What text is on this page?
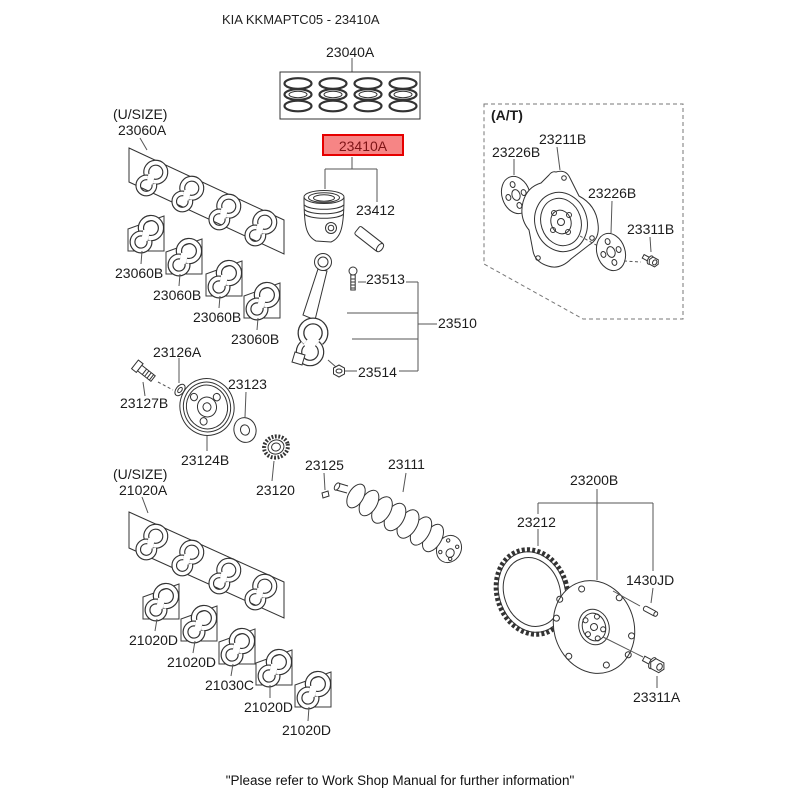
KIA KKMAPTC05 - 23410A
23040A
23410A
23412
23513
23510
23514
(U/SIZE)
23060A
23060B
23060B
23060B
23060B
23126A
23127B
23123
23124B
23120
23125	23111
(U/SIZE)
21020A
21020D
21020D
21030C
21020D
21020D
(A/T)
23211B
23226B
23226B
23311B
23200B
23212
1430JD
23311A
"Please refer to Work Shop Manual for further information"
